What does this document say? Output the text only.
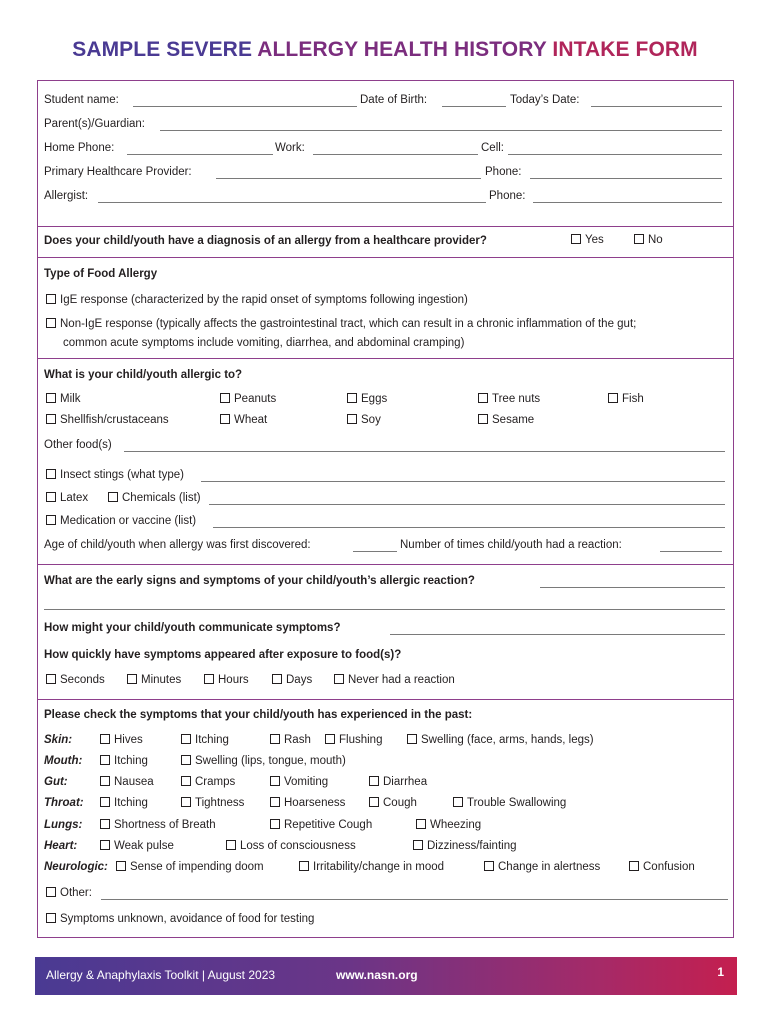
SAMPLE SEVERE ALLERGY HEALTH HISTORY INTAKE FORM
Student name:	Date of Birth:	Today’s Date:
Parent(s)/Guardian:
Home Phone:	Work:	Cell:
Primary Healthcare Provider:	Phone:
Allergist:	Phone:
Does your child/youth have a diagnosis of an allergy from a healthcare provider?	Yes	No
Type of Food Allergy
IgE response (characterized by the rapid onset of symptoms following ingestion)
Non-IgE response (typically affects the gastrointestinal tract, which can result in a chronic inflammation of the gut;
common acute symptoms include vomiting, diarrhea, and abdominal cramping)
What is your child/youth allergic to?
Milk	Peanuts	Eggs	Tree nuts	Fish
Shellfish/crustaceans	Wheat	Soy	Sesame
Other food(s)
Insect stings (what type)
Latex	Chemicals (list)
Medication or vaccine (list)
Age of child/youth when allergy was first discovered:	Number of times child/youth had a reaction:
What are the early signs and symptoms of your child/youth’s allergic reaction?
How might your child/youth communicate symptoms?
How quickly have symptoms appeared after exposure to food(s)?
Seconds	Minutes	Hours	Days	Never had a reaction
Please check the symptoms that your child/youth has experienced in the past:
Skin:	Hives	Itching	Rash	Flushing	Swelling (face, arms, hands, legs)
Mouth:	Itching	Swelling (lips, tongue, mouth)
Gut:	Nausea	Cramps	Vomiting	Diarrhea
Throat:	Itching	Tightness	Hoarseness	Cough	Trouble Swallowing
Lungs:	Shortness of Breath	Repetitive Cough	Wheezing
Heart:	Weak pulse	Loss of consciousness	Dizziness/fainting
Neurologic:	Sense of impending doom	Irritability/change in mood	Change in alertness	Confusion
Other:
Symptoms unknown, avoidance of food for testing
Allergy & Anaphylaxis Toolkit | August 2023	www.nasn.org	1
